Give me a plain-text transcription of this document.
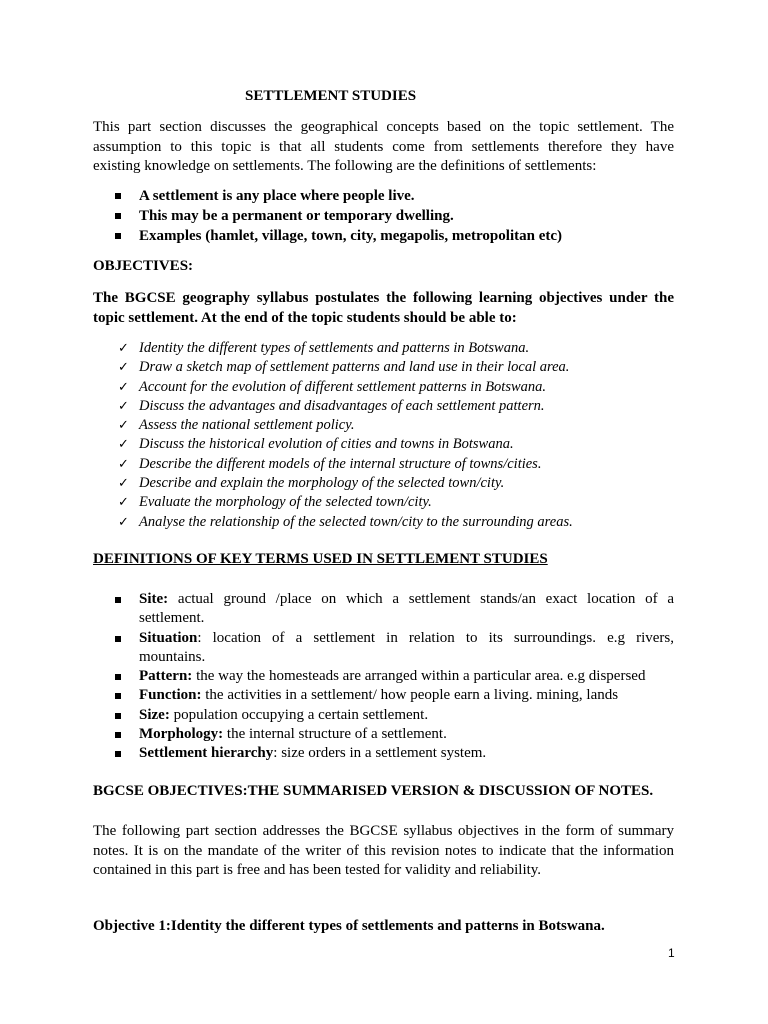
SETTLEMENT STUDIES
This part section discusses the geographical concepts based on the topic settlement. The
assumption to this topic is that all students come from settlements therefore they have
existing knowledge on settlements. The following are the definitions of settlements:
A settlement is any place where people live.
This may be a permanent or temporary dwelling.
Examples (hamlet, village, town, city, megapolis, metropolitan etc)
OBJECTIVES:
The BGCSE geography syllabus postulates the following learning objectives under the
topic settlement. At the end of the topic students should be able to:
✓ Identity the different types of settlements and patterns in Botswana.
✓ Draw a sketch map of settlement patterns and land use in their local area.
✓ Account for the evolution of different settlement patterns in Botswana.
✓ Discuss the advantages and disadvantages of each settlement pattern.
✓ Assess the national settlement policy.
✓ Discuss the historical evolution of cities and towns in Botswana.
✓ Describe the different models of the internal structure of towns/cities.
✓ Describe and explain the morphology of the selected town/city.
✓ Evaluate the morphology of the selected town/city.
✓ Analyse the relationship of the selected town/city to the surrounding areas.
DEFINITIONS OF KEY TERMS USED IN SETTLEMENT STUDIES
Site: actual ground /place on which a settlement stands/an exact location of a
settlement.
Situation: location of a settlement in relation to its surroundings. e.g rivers,
mountains.
Pattern: the way the homesteads are arranged within a particular area. e.g dispersed
Function: the activities in a settlement/ how people earn a living. mining, lands
Size: population occupying a certain settlement.
Morphology: the internal structure of a settlement.
Settlement hierarchy: size orders in a settlement system.
BGCSE OBJECTIVES:THE SUMMARISED VERSION & DISCUSSION OF NOTES.
The following part section addresses the BGCSE syllabus objectives in the form of summary
notes. It is on the mandate of the writer of this revision notes to indicate that the information
contained in this part is free and has been tested for validity and reliability.
Objective 1:Identity the different types of settlements and patterns in Botswana.
1
